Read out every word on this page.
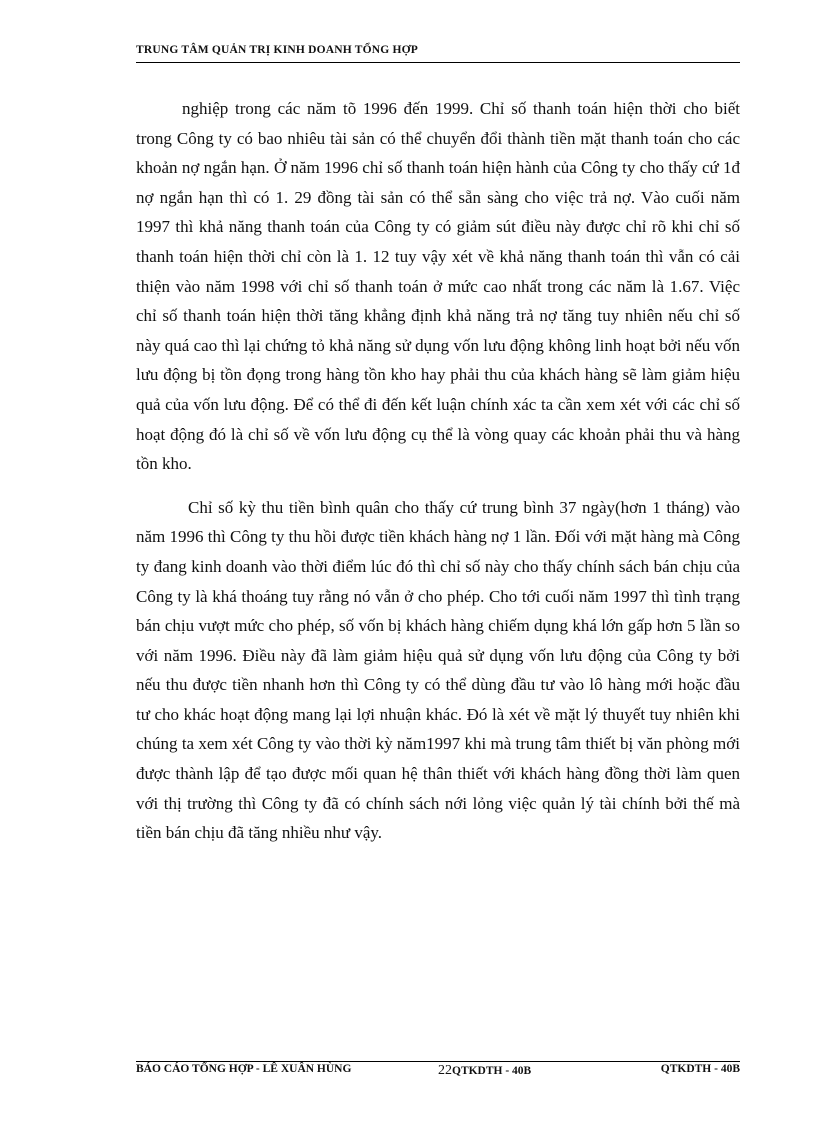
TRUNG TÂM QUẢN TRỊ KINH DOANH TỔNG HỢP

nghiệp trong các năm tõ 1996 đến 1999. Chỉ số thanh toán hiện thời cho biết trong Công ty có bao nhiêu tài sản có thể chuyển đổi thành tiền mặt thanh toán cho các khoản nợ ngắn hạn. Ở năm 1996 chỉ số thanh toán hiện hành của Công ty cho thấy cứ 1đ nợ ngắn hạn thì có 1. 29 đồng tài sản có thể sẵn sàng cho việc trả nợ. Vào cuối năm 1997 thì khả năng thanh toán của Công ty có giảm sút điều này được chỉ rõ khi chỉ số thanh toán hiện thời chỉ còn là 1. 12 tuy vậy xét về khả năng thanh toán thì vẫn có cải thiện vào năm 1998 với chỉ số thanh toán ở mức cao nhất trong các năm là 1.67. Việc chỉ số thanh toán hiện thời tăng khẳng định khả năng trả nợ tăng tuy nhiên nếu chỉ số này quá cao thì lại chứng tỏ khả năng sử dụng vốn lưu động không linh hoạt bởi nếu vốn lưu động bị tồn đọng trong hàng tồn kho hay phải thu của khách hàng sẽ làm giảm hiệu quả của vốn lưu động. Để có thể đi đến kết luận chính xác ta cần xem xét với các chỉ số hoạt động đó là chỉ số về vốn lưu động cụ thể là vòng quay các khoản phải thu và hàng tồn kho.

Chỉ số kỳ thu tiền bình quân cho thấy cứ trung bình 37 ngày(hơn 1 tháng) vào năm 1996 thì Công ty thu hồi được tiền khách hàng nợ 1 lần. Đối với mặt hàng mà Công ty đang kinh doanh vào thời điểm lúc đó thì chỉ số này cho thấy chính sách bán chịu của Công ty là khá thoáng tuy rằng nó vẫn ở cho phép. Cho tới cuối năm 1997 thì tình trạng bán chịu vượt mức cho phép, số vốn bị khách hàng chiếm dụng khá lớn gấp hơn 5 lần so với năm 1996. Điều này đã làm giảm hiệu quả sử dụng vốn lưu động của Công ty bởi nếu thu được tiền nhanh hơn thì Công ty có thể dùng đầu tư vào lô hàng mới hoặc đầu tư cho khác hoạt động mang lại lợi nhuận khác. Đó là xét về mặt lý thuyết tuy nhiên khi chúng ta xem xét Công ty vào thời kỳ năm1997 khi mà trung tâm thiết bị văn phòng mới được thành lập để tạo được mối quan hệ thân thiết với khách hàng đồng thời làm quen với thị trường thì Công ty đã có chính sách nới lỏng việc quản lý tài chính bởi thế mà tiền bán chịu đã tăng nhiều như vậy.

BÁO CÁO TỔNG HỢP - LÊ XUÂN HÙNG	22QTKDTH - 40B	QTKDTH - 40B
